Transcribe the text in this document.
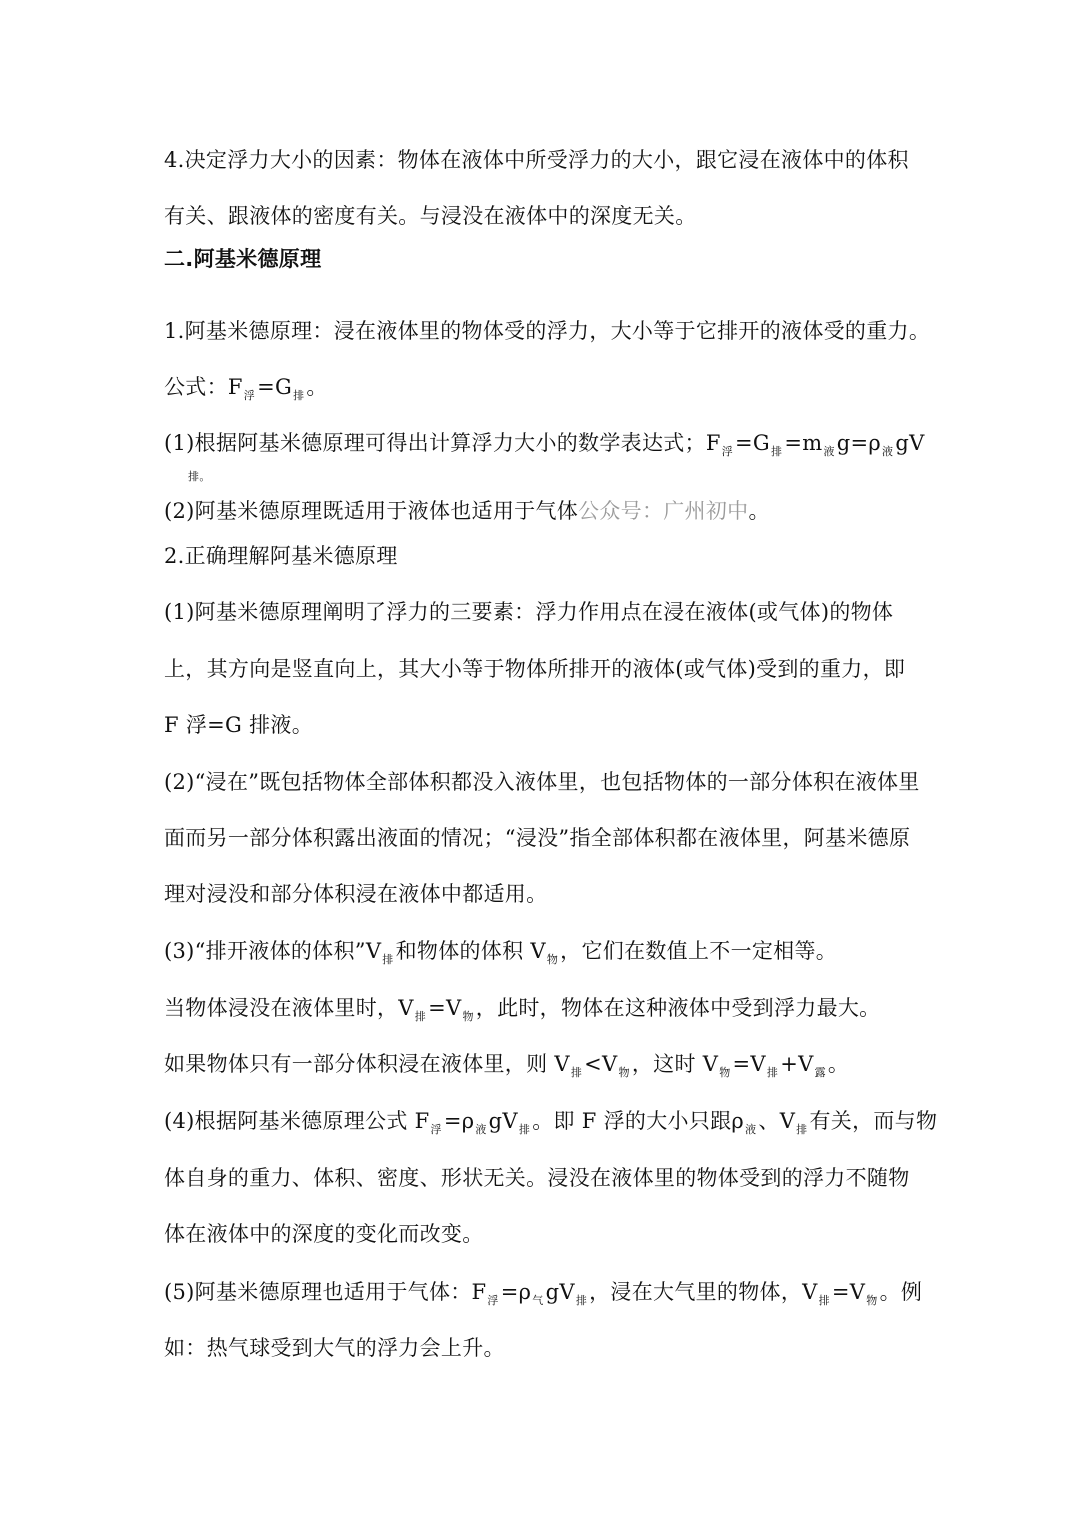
4.决定浮力大小的因素：物体在液体中所受浮力的大小，跟它浸在液体中的体积
有关、跟液体的密度有关。与浸没在液体中的深度无关。
二.阿基米德原理
1.阿基米德原理：浸在液体里的物体受的浮力，大小等于它排开的液体受的重力。
公式：$F_浮=G_排$。
(1)根据阿基米德原理可得出计算浮力大小的数学表达式；$F_浮=G_排=m_液g=\rho_液gV$
排。
(2)阿基米德原理既适用于液体也适用于气体公众号：广州初中。
2.正确理解阿基米德原理
(1)阿基米德原理阐明了浮力的三要素：浮力作用点在浸在液体(或气体)的物体
上，其方向是竖直向上，其大小等于物体所排开的液体(或气体)受到的重力，即
F 浮=G 排液。
(2)“浸在”既包括物体全部体积都没入液体里，也包括物体的一部分体积在液体里
面而另一部分体积露出液面的情况；“浸没”指全部体积都在液体里，阿基米德原
理对浸没和部分体积浸在液体中都适用。
(3)“排开液体的体积$”V_排$和物体的体积 $V_物$，它们在数值上不一定相等。
当物体浸没在液体里时，$V_排=V_物$，此时，物体在这种液体中受到浮力最大。
如果物体只有一部分体积浸在液体里，则 $V_排<V_物$，这时 $V_物=V_排+V_露$。
(4)根据阿基米德原理公式 $F_浮=\rho_液gV_排$。即 F 浮的大小只跟$\rho_液$、$V_排$有关，而与物
体自身的重力、体积、密度、形状无关。浸没在液体里的物体受到的浮力不随物
体在液体中的深度的变化而改变。
(5)阿基米德原理也适用于气体：$F_浮=\rho_气gV_排$，浸在大气里的物体，$V_排=V_物$。例
如：热气球受到大气的浮力会上升。
